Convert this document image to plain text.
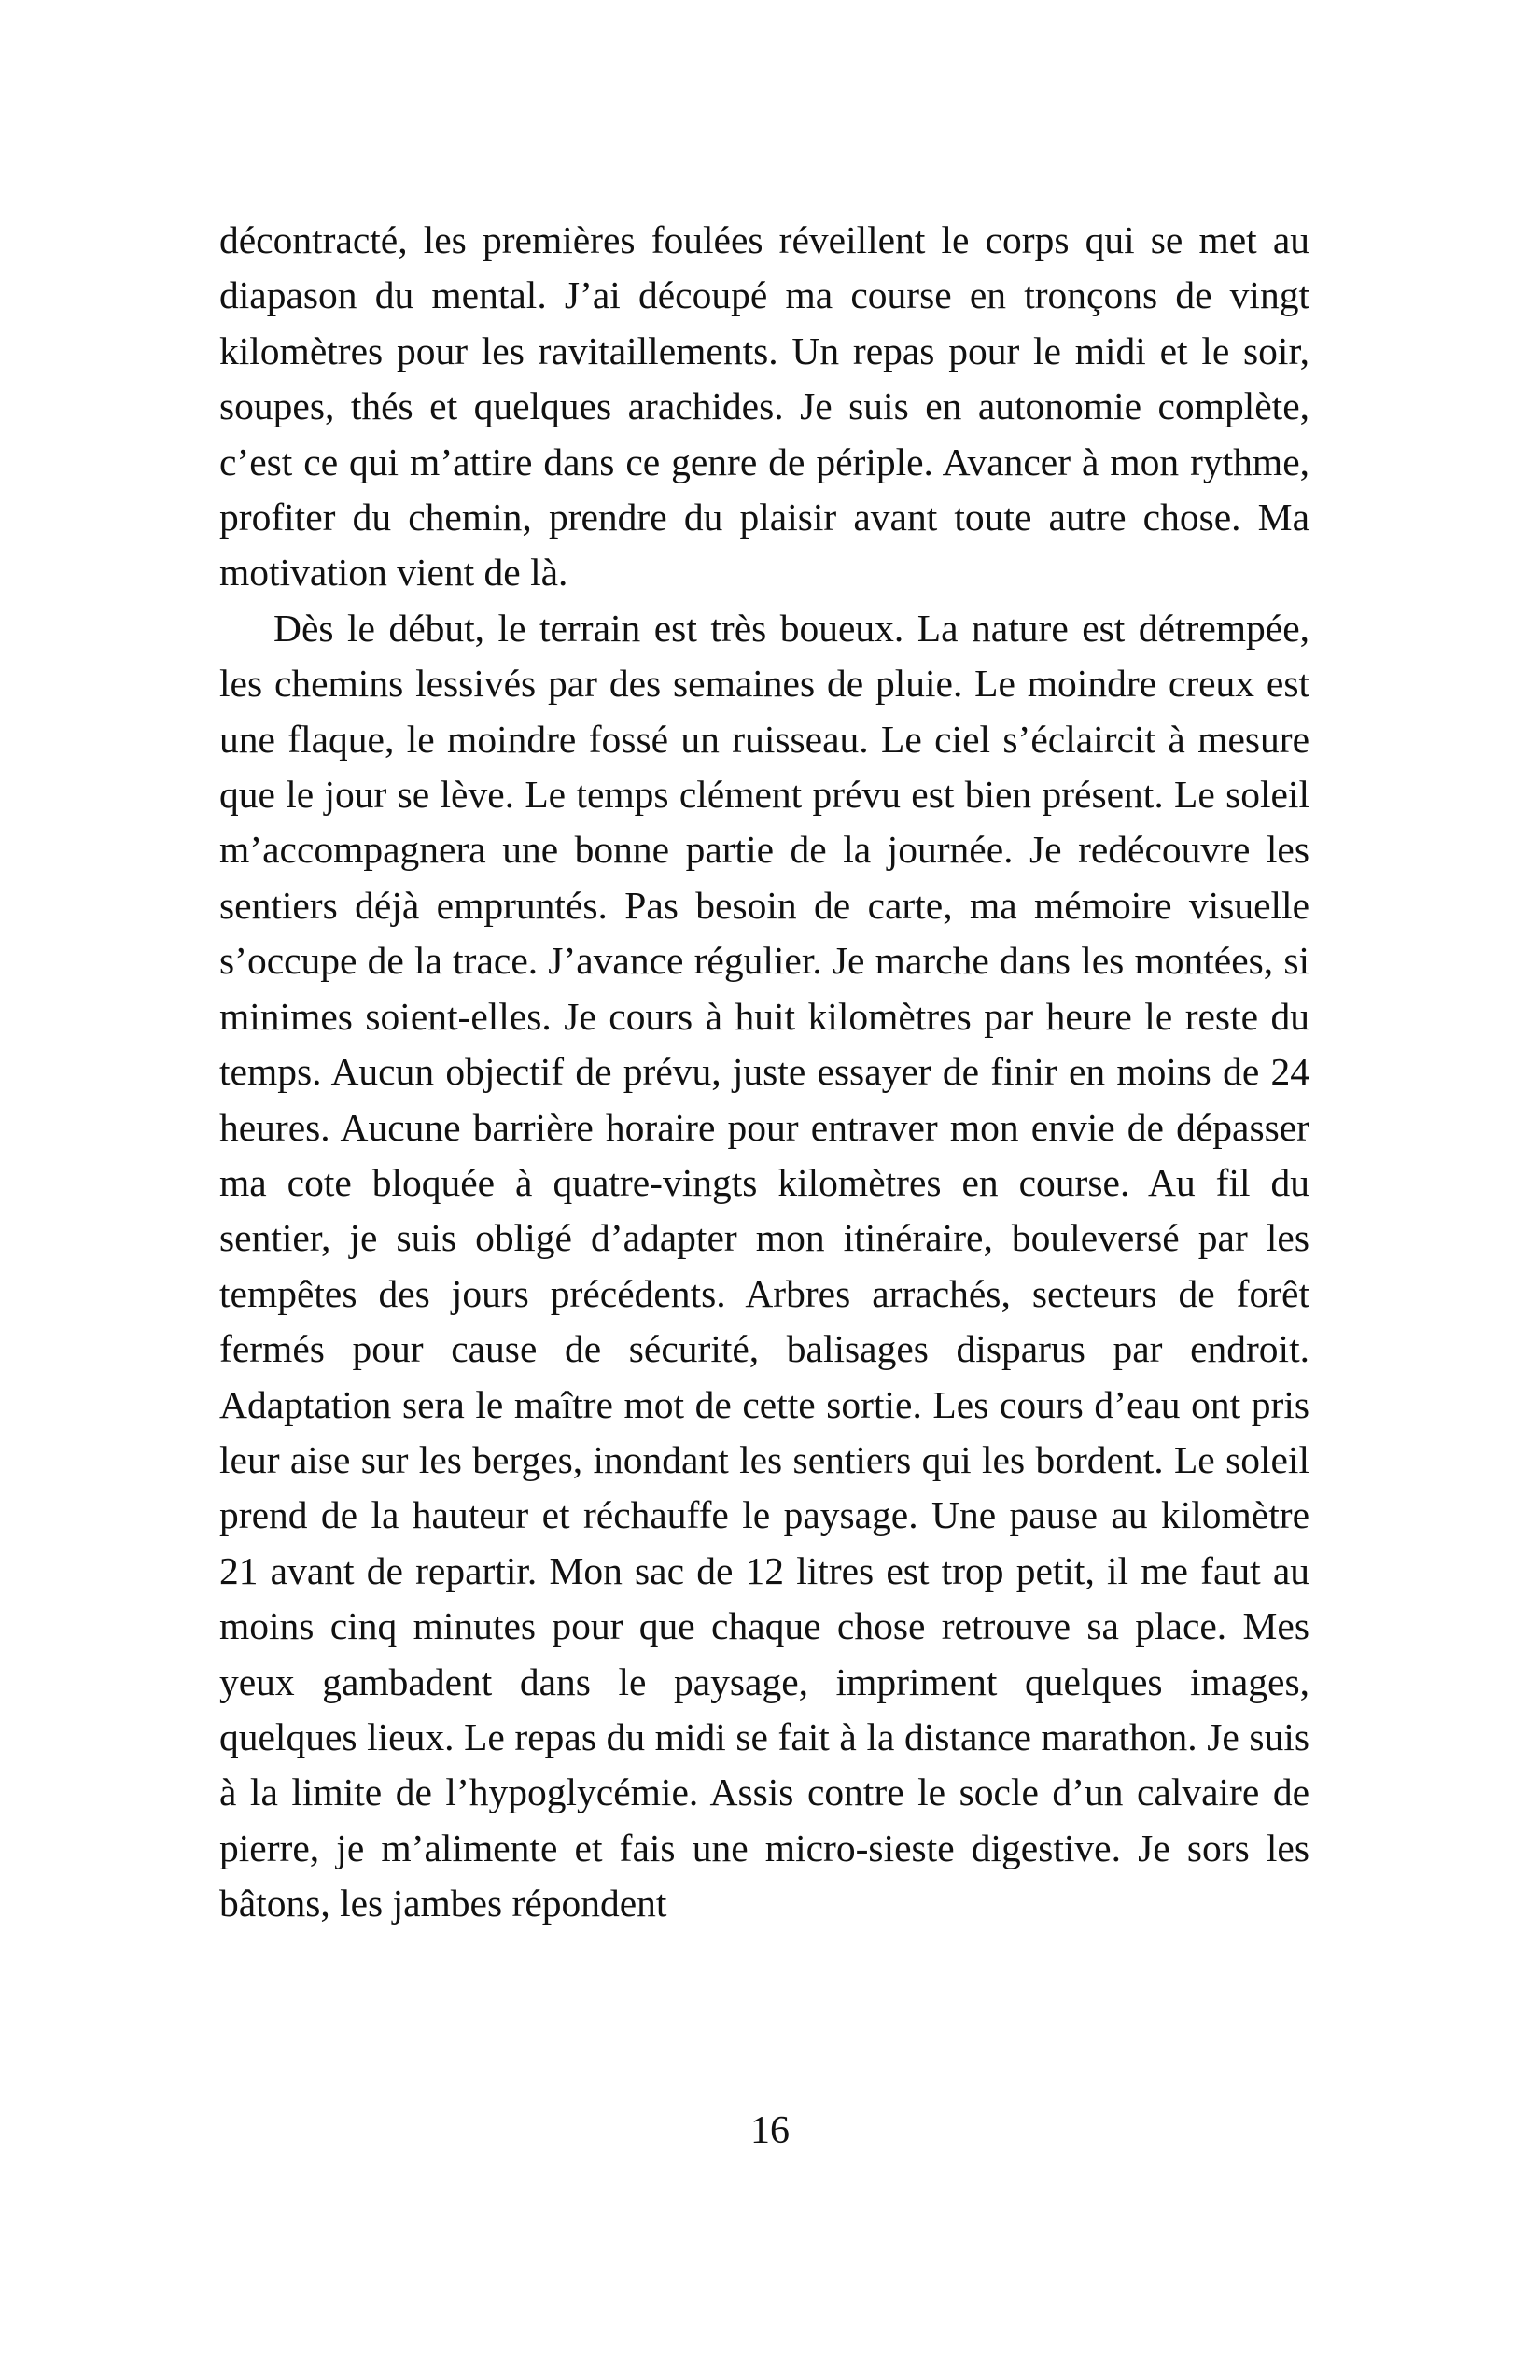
décontracté, les premières foulées réveillent le corps qui se met au diapason du mental. J’ai découpé ma course en tronçons de vingt kilomètres pour les ravitaillements. Un repas pour le midi et le soir, soupes, thés et quelques arachides. Je suis en autonomie complète, c’est ce qui m’attire dans ce genre de périple. Avancer à mon rythme, profiter du chemin, prendre du plaisir avant toute autre chose. Ma motivation vient de là.

Dès le début, le terrain est très boueux. La nature est détrempée, les chemins lessivés par des semaines de pluie. Le moindre creux est une flaque, le moindre fossé un ruisseau. Le ciel s’éclaircit à mesure que le jour se lève. Le temps clément prévu est bien présent. Le soleil m’accompagnera une bonne partie de la journée. Je redécouvre les sentiers déjà empruntés. Pas besoin de carte, ma mémoire visuelle s’occupe de la trace. J’avance régulier. Je marche dans les montées, si minimes soient-elles. Je cours à huit kilomètres par heure le reste du temps. Aucun objectif de prévu, juste essayer de finir en moins de 24 heures. Aucune barrière horaire pour entraver mon envie de dépasser ma cote bloquée à quatre-vingts kilomètres en course. Au fil du sentier, je suis obligé d’adapter mon itinéraire, bouleversé par les tempêtes des jours précédents. Arbres arrachés, secteurs de forêt fermés pour cause de sécurité, balisages disparus par endroit. Adaptation sera le maître mot de cette sortie. Les cours d’eau ont pris leur aise sur les berges, inondant les sentiers qui les bordent. Le soleil prend de la hauteur et réchauffe le paysage. Une pause au kilomètre 21 avant de repartir. Mon sac de 12 litres est trop petit, il me faut au moins cinq minutes pour que chaque chose retrouve sa place. Mes yeux gambadent dans le paysage, impriment quelques images, quelques lieux. Le repas du midi se fait à la distance marathon. Je suis à la limite de l’hypoglycémie. Assis contre le socle d’un calvaire de pierre, je m’alimente et fais une micro-sieste digestive. Je sors les bâtons, les jambes répondent

16
